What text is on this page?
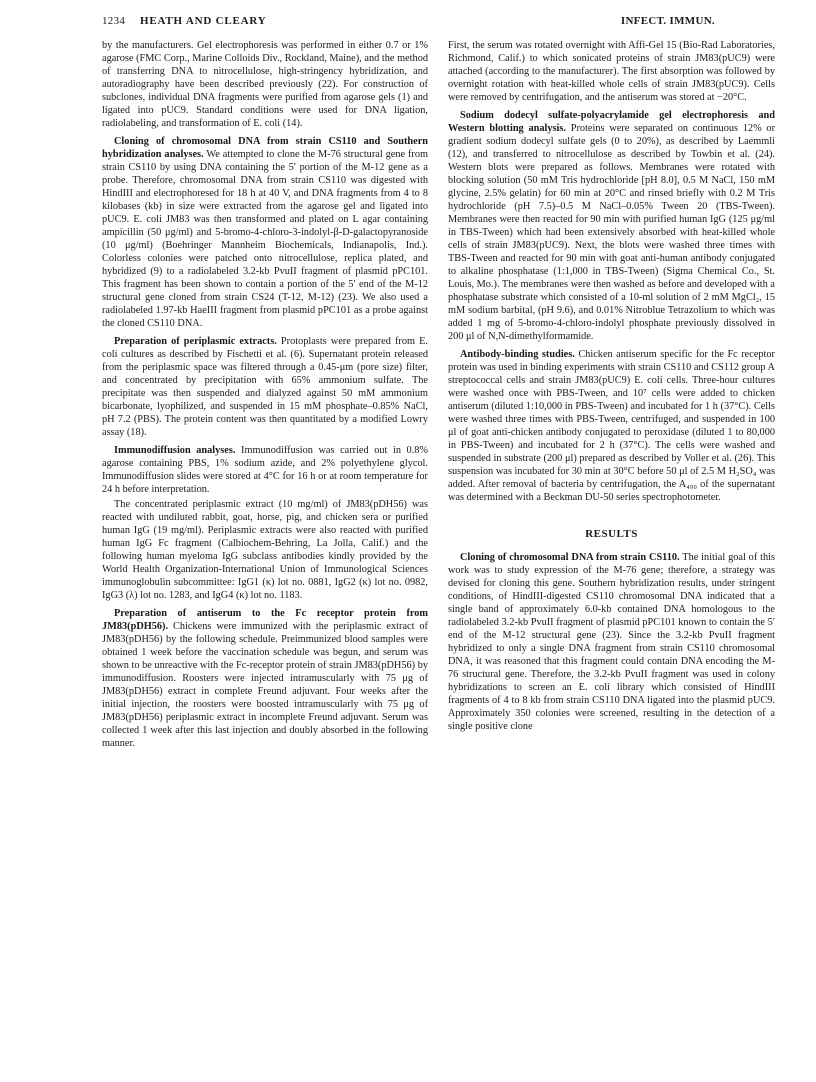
1234 HEATH AND CLEARY	INFECT. IMMUN.

by the manufacturers. Gel electrophoresis was performed in either 0.7 or 1% agarose (FMC Corp., Marine Colloids Div., Rockland, Maine), and the method of transferring DNA to nitrocellulose, high-stringency hybridization, and autoradiography have been described previously (22). For construction of subclones, individual DNA fragments were purified from agarose gels (1) and ligated into pUC9. Standard conditions were used for DNA ligation, radiolabeling, and transformation of E. coli (14).

Cloning of chromosomal DNA from strain CS110 and Southern hybridization analyses. We attempted to clone the M-76 structural gene from strain CS110 by using DNA containing the 5′ portion of the M-12 gene as a probe. Therefore, chromosomal DNA from strain CS110 was digested with HindIII and electrophoresed for 18 h at 40 V, and DNA fragments from 4 to 8 kilobases (kb) in size were extracted from the agarose gel and ligated into pUC9. E. coli JM83 was then transformed and plated on L agar containing ampicillin (50 μg/ml) and 5-bromo-4-chloro-3-indolyl-β-D-galactopyranoside (10 μg/ml) (Boehringer Mannheim Biochemicals, Indianapolis, Ind.). Colorless colonies were patched onto nitrocellulose, replica plated, and hybridized (9) to a radiolabeled 3.2-kb PvuII fragment of plasmid pPC101. This fragment has been shown to contain a portion of the 5′ end of the M-12 structural gene cloned from strain CS24 (T-12, M-12) (23). We also used a radiolabeled 1.97-kb HaeIII fragment from plasmid pPC101 as a probe against the cloned CS110 DNA.

Preparation of periplasmic extracts. Protoplasts were prepared from E. coli cultures as described by Fischetti et al. (6). Supernatant protein released from the periplasmic space was filtered through a 0.45-μm (pore size) filter, and concentrated by precipitation with 65% ammonium sulfate. The precipitate was then suspended and dialyzed against 50 mM ammonium bicarbonate, lyophilized, and suspended in 15 mM phosphate–0.85% NaCl, pH 7.2 (PBS). The protein content was then quantitated by a modified Lowry assay (18).

Immunodiffusion analyses. Immunodiffusion was carried out in 0.8% agarose containing PBS, 1% sodium azide, and 2% polyethylene glycol. Immunodiffusion slides were stored at 4°C for 16 h or at room temperature for 24 h before interpretation.

The concentrated periplasmic extract (10 mg/ml) of JM83(pDH56) was reacted with undiluted rabbit, goat, horse, pig, and chicken sera or purified human IgG (19 mg/ml). Periplasmic extracts were also reacted with purified human IgG Fc fragment (Calbiochem-Behring, La Jolla, Calif.) and the following human myeloma IgG subclass antibodies kindly provided by the World Health Organization-International Union of Immunological Sciences immunoglobulin subcommittee: IgG1 (κ) lot no. 0881, IgG2 (κ) lot no. 0982, IgG3 (λ) lot no. 1283, and IgG4 (κ) lot no. 1183.

Preparation of antiserum to the Fc receptor protein from JM83(pDH56). Chickens were immunized with the periplasmic extract of JM83(pDH56) by the following schedule. Preimmunized blood samples were obtained 1 week before the vaccination schedule was begun, and serum was shown to be unreactive with the Fc-receptor protein of strain JM83(pDH56) by immunodiffusion. Roosters were injected intramuscularly with 75 μg of JM83(pDH56) extract in complete Freund adjuvant. Four weeks after the initial injection, the roosters were boosted intramuscularly with 75 μg of JM83(pDH56) periplasmic extract in incomplete Freund adjuvant. Serum was collected 1 week after this last injection and doubly absorbed in the following manner.

First, the serum was rotated overnight with Affi-Gel 15 (Bio-Rad Laboratories, Richmond, Calif.) to which sonicated proteins of strain JM83(pUC9) were attached (according to the manufacturer). The first absorption was followed by overnight rotation with heat-killed whole cells of strain JM83(pUC9). Cells were removed by centrifugation, and the antiserum was stored at −20°C.

Sodium dodecyl sulfate-polyacrylamide gel electrophoresis and Western blotting analysis. Proteins were separated on continuous 12% or gradient sodium dodecyl sulfate gels (0 to 20%), as described by Laemmli (12), and transferred to nitrocellulose as described by Towbin et al. (24). Western blots were prepared as follows. Membranes were rotated with blocking solution (50 mM Tris hydrochloride [pH 8.0], 0.5 M NaCl, 150 mM glycine, 2.5% gelatin) for 60 min at 20°C and rinsed briefly with 0.2 M Tris hydrochloride (pH 7.5)–0.5 M NaCl–0.05% Tween 20 (TBS-Tween). Membranes were then reacted for 90 min with purified human IgG (125 μg/ml in TBS-Tween) which had been extensively absorbed with heat-killed whole cells of strain JM83(pUC9). Next, the blots were washed three times with TBS-Tween and reacted for 90 min with goat anti-human antibody conjugated to alkaline phosphatase (1:1,000 in TBS-Tween) (Sigma Chemical Co., St. Louis, Mo.). The membranes were then washed as before and developed with a phosphatase substrate which consisted of a 10-ml solution of 2 mM MgCl₂, 15 mM sodium barbital, (pH 9.6), and 0.01% Nitroblue Tetrazolium to which was added 1 mg of 5-bromo-4-chloro-indolyl phosphate previously dissolved in 200 μl of N,N-dimethylformamide.

Antibody-binding studies. Chicken antiserum specific for the Fc receptor protein was used in binding experiments with strain CS110 and CS112 group A streptococcal cells and strain JM83(pUC9) E. coli cells. Three-hour cultures were washed once with PBS-Tween, and 10⁷ cells were added to chicken antiserum (diluted 1:10,000 in PBS-Tween) and incubated for 1 h (37°C). Cells were washed three times with PBS-Tween, centrifuged, and suspended in 100 μl of goat anti-chicken antibody conjugated to peroxidase (diluted 1 to 80,000 in PBS-Tween) and incubated for 2 h (37°C). The cells were washed and suspended in substrate (200 μl) prepared as described by Voller et al. (26). This suspension was incubated for 30 min at 30°C before 50 μl of 2.5 M H₂SO₄ was added. After removal of bacteria by centrifugation, the A₄₉₀ of the supernatant was determined with a Beckman DU-50 series spectrophotometer.

RESULTS

Cloning of chromosomal DNA from strain CS110. The initial goal of this work was to study expression of the M-76 gene; therefore, a strategy was devised for cloning this gene. Southern hybridization results, under stringent conditions, of HindIII-digested CS110 chromosomal DNA indicated that a single band of approximately 6.0-kb contained DNA homologous to the radiolabeled 3.2-kb PvuII fragment of plasmid pPC101 known to contain the 5′ end of the M-12 structural gene (23). Since the 3.2-kb PvuII fragment hybridized to only a single DNA fragment from strain CS110 chromosomal DNA, it was reasoned that this fragment could contain DNA encoding the M-76 structural gene. Therefore, the 3.2-kb PvuII fragment was used in colony hybridizations to screen an E. coli library which consisted of HindIII fragments of 4 to 8 kb from strain CS110 DNA ligated into the plasmid pUC9. Approximately 350 colonies were screened, resulting in the detection of a single positive clone
